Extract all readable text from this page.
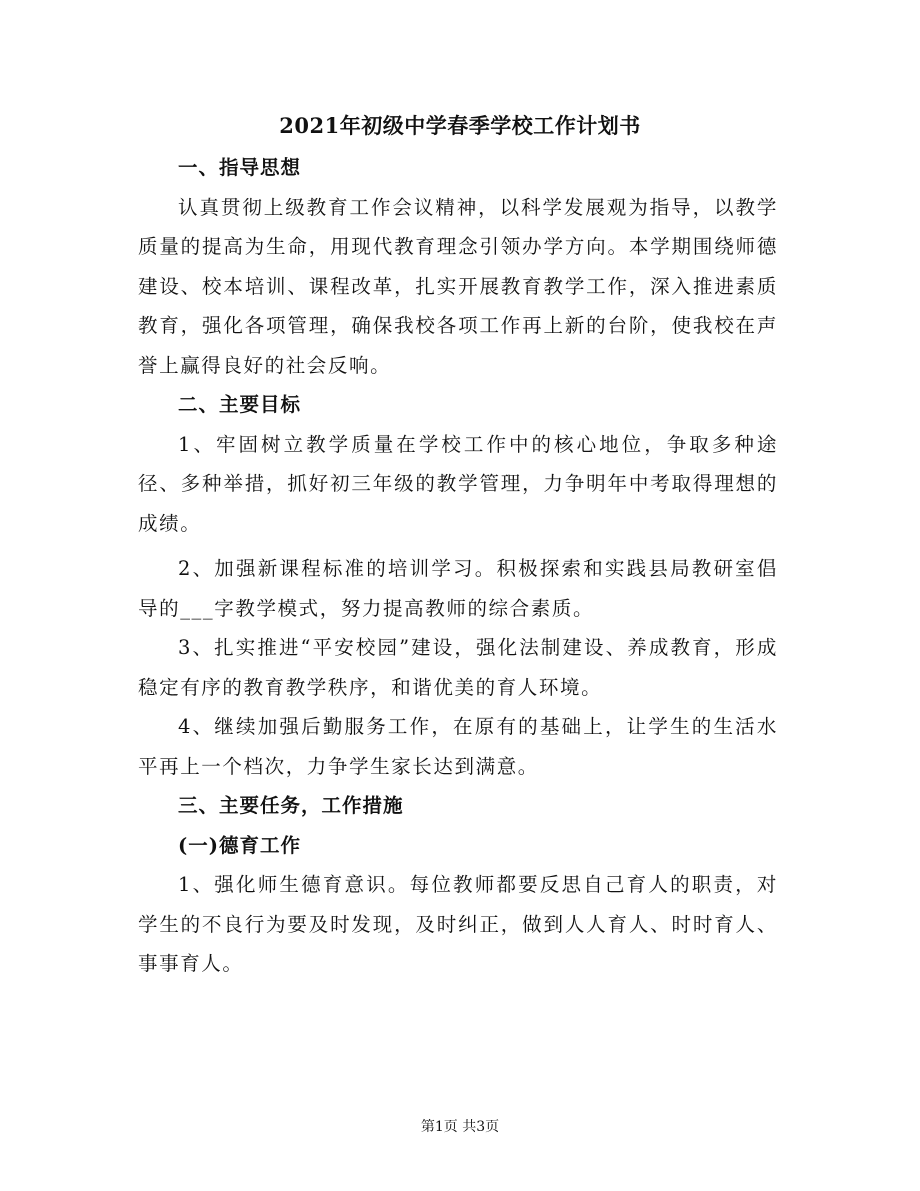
2021年初级中学春季学校工作计划书

一、指导思想

认真贯彻上级教育工作会议精神，以科学发展观为指导，以教学质量的提高为生命，用现代教育理念引领办学方向。本学期围绕师德建设、校本培训、课程改革，扎实开展教育教学工作，深入推进素质教育，强化各项管理，确保我校各项工作再上新的台阶，使我校在声誉上赢得良好的社会反响。

二、主要目标

1、牢固树立教学质量在学校工作中的核心地位，争取多种途径、多种举措，抓好初三年级的教学管理，力争明年中考取得理想的成绩。

2、加强新课程标准的培训学习。积极探索和实践县局教研室倡导的___字教学模式，努力提高教师的综合素质。

3、扎实推进“平安校园”建设，强化法制建设、养成教育，形成稳定有序的教育教学秩序，和谐优美的育人环境。

4、继续加强后勤服务工作，在原有的基础上，让学生的生活水平再上一个档次，力争学生家长达到满意。

三、主要任务，工作措施

(一)德育工作

1、强化师生德育意识。每位教师都要反思自己育人的职责，对学生的不良行为要及时发现，及时纠正，做到人人育人、时时育人、事事育人。

第1页 共3页
